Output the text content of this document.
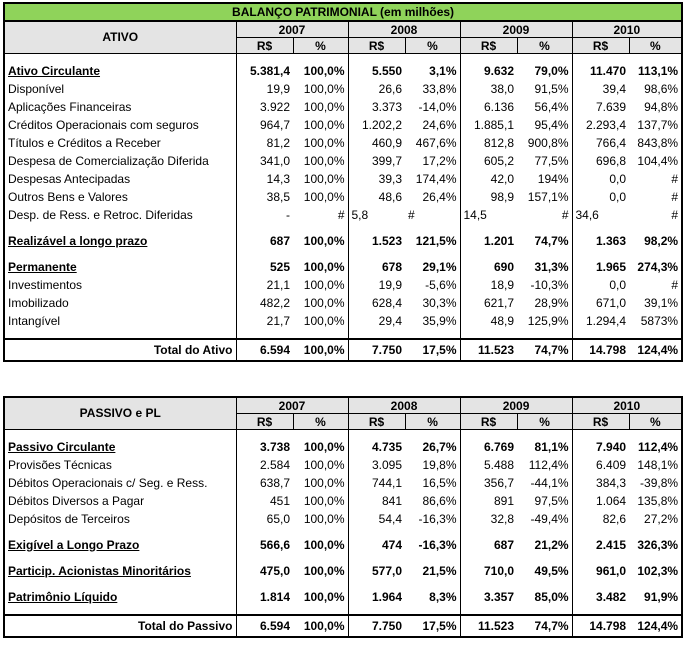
BALANÇO PATRIMONIAL (em milhões)								
ATIVO	2007		2008		2009		2010	
	R$	%	R$	%	R$	%	R$	%

Ativo Circulante	5.381,4	100,0%	5.550	3,1%	9.632	79,0%	11.470	113,1%
Disponível	19,9	100,0%	26,6	33,8%	38,0	91,5%	39,4	98,6%
Aplicações Financeiras	3.922	100,0%	3.373	-14,0%	6.136	56,4%	7.639	94,8%
Créditos Operacionais com seguros	964,7	100,0%	1.202,2	24,6%	1.885,1	95,4%	2.293,4	137,7%
Títulos e Créditos a Receber	81,2	100,0%	460,9	467,6%	812,8	900,8%	766,4	843,8%
Despesa de Comercialização Diferida	341,0	100,0%	399,7	17,2%	605,2	77,5%	696,8	104,4%
Despesas Antecipadas	14,3	100,0%	39,3	174,4%	42,0	194%	0,0	#
Outros Bens e Valores	38,5	100,0%	48,6	26,4%	98,9	157,1%	0,0	#
Desp. de Ress. e Retroc. Diferidas	-	#	5,8	#	14,5	#	34,6	#

Realizável a longo prazo	687	100,0%	1.523	121,5%	1.201	74,7%	1.363	98,2%

Permanente	525	100,0%	678	29,1%	690	31,3%	1.965	274,3%
Investimentos	21,1	100,0%	19,9	-5,6%	18,9	-10,3%	0,0	#
Imobilizado	482,2	100,0%	628,4	30,3%	621,7	28,9%	671,0	39,1%
Intangível	21,7	100,0%	29,4	35,9%	48,9	125,9%	1.294,4	5873%

Total do Ativo	6.594	100,0%	7.750	17,5%	11.523	74,7%	14.798	124,4%
PASSIVO e PL	2007		2008		2009		2010	
	R$	%	R$	%	R$	%	R$	%

Passivo Circulante	3.738	100,0%	4.735	26,7%	6.769	81,1%	7.940	112,4%
Provisões Técnicas	2.584	100,0%	3.095	19,8%	5.488	112,4%	6.409	148,1%
Débitos Operacionais c/ Seg. e Ress.	638,7	100,0%	744,1	16,5%	356,7	-44,1%	384,3	-39,8%
Débitos Diversos a Pagar	451	100,0%	841	86,6%	891	97,5%	1.064	135,8%
Depósitos de Terceiros	65,0	100,0%	54,4	-16,3%	32,8	-49,4%	82,6	27,2%

Exigível a Longo Prazo	566,6	100,0%	474	-16,3%	687	21,2%	2.415	326,3%

Particip. Acionistas Minoritários	475,0	100,0%	577,0	21,5%	710,0	49,5%	961,0	102,3%

Patrimônio Líquido	1.814	100,0%	1.964	8,3%	3.357	85,0%	3.482	91,9%

Total do Passivo	6.594	100,0%	7.750	17,5%	11.523	74,7%	14.798	124,4%
